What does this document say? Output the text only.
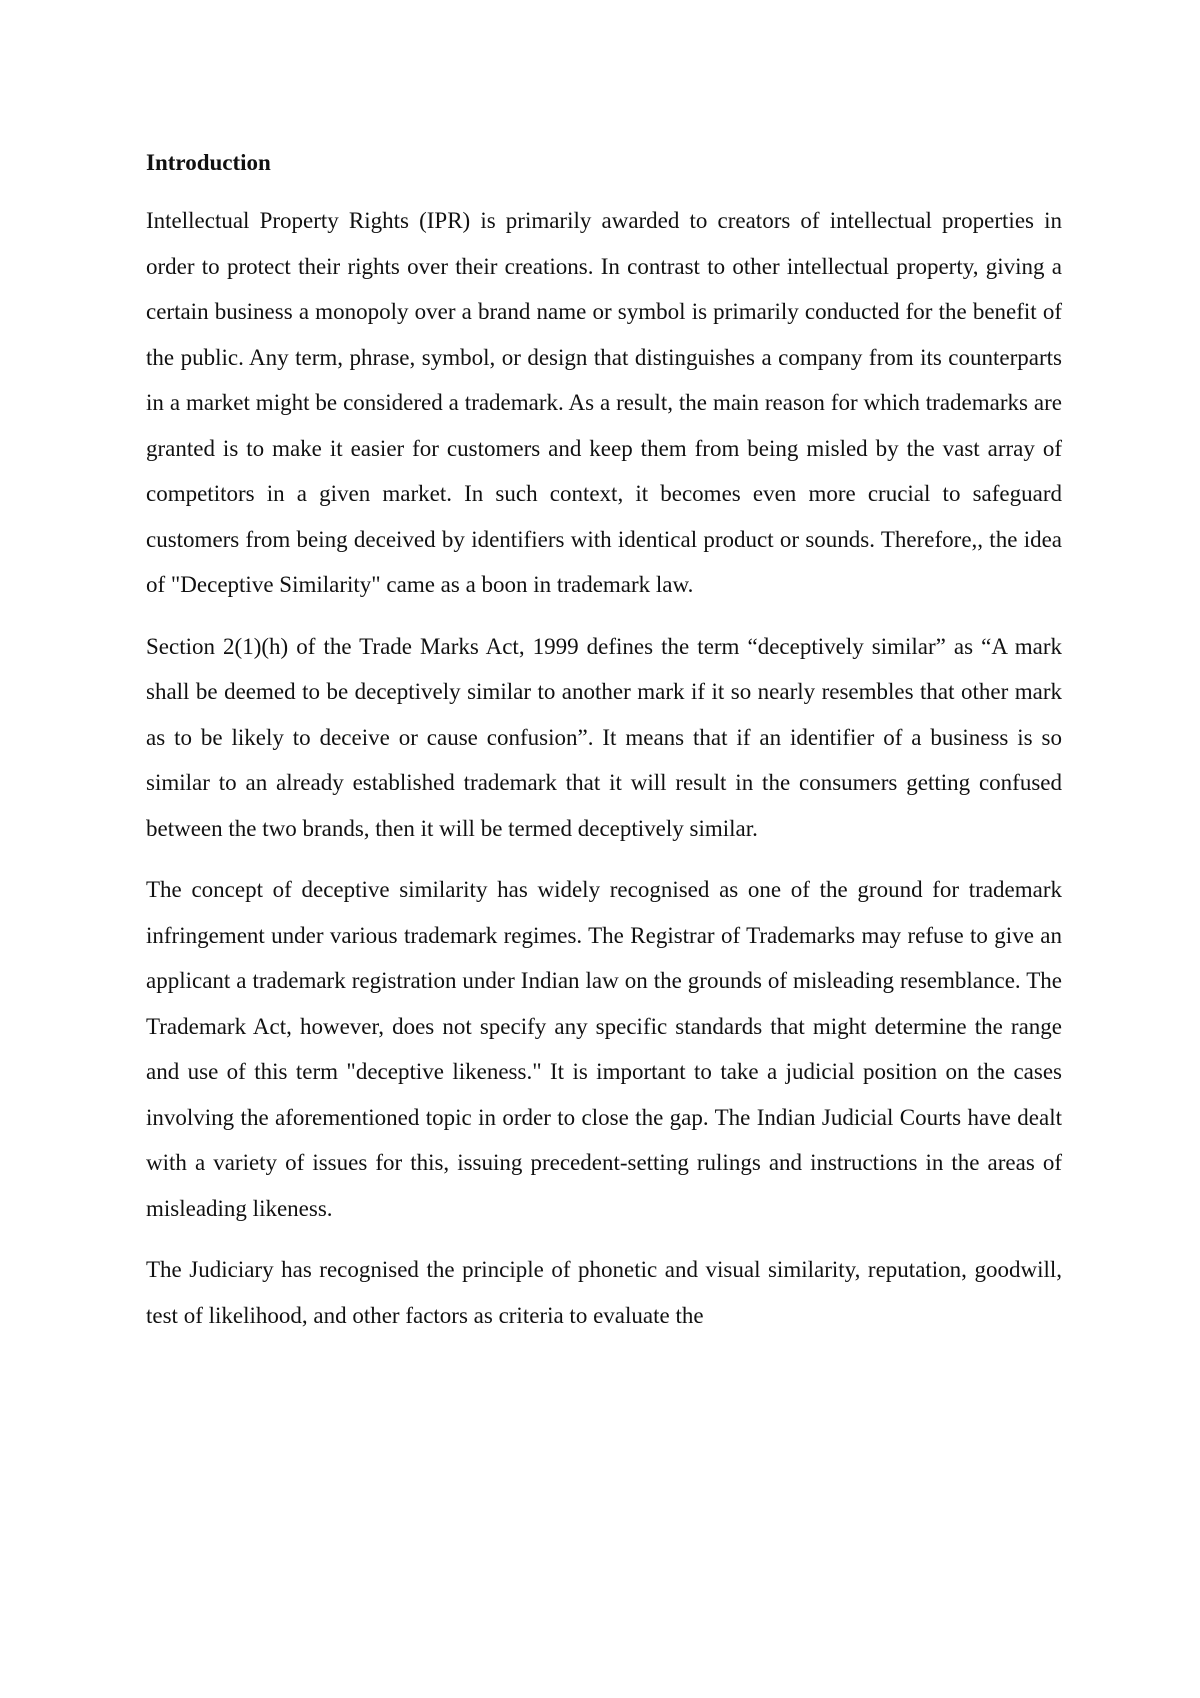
Introduction

Intellectual Property Rights (IPR) is primarily awarded to creators of intellectual properties in order to protect their rights over their creations. In contrast to other intellectual property, giving a certain business a monopoly over a brand name or symbol is primarily conducted for the benefit of the public. Any term, phrase, symbol, or design that distinguishes a company from its counterparts in a market might be considered a trademark. As a result, the main reason for which trademarks are granted is to make it easier for customers and keep them from being misled by the vast array of competitors in a given market. In such context, it becomes even more crucial to safeguard customers from being deceived by identifiers with identical product or sounds. Therefore,, the idea of "Deceptive Similarity" came as a boon in trademark law.

Section 2(1)(h) of the Trade Marks Act, 1999 defines the term “deceptively similar” as “A mark shall be deemed to be deceptively similar to another mark if it so nearly resembles that other mark as to be likely to deceive or cause confusion”. It means that if an identifier of a business is so similar to an already established trademark that it will result in the consumers getting confused between the two brands, then it will be termed deceptively similar.

The concept of deceptive similarity has widely recognised as one of the ground for trademark infringement under various trademark regimes. The Registrar of Trademarks may refuse to give an applicant a trademark registration under Indian law on the grounds of misleading resemblance. The Trademark Act, however, does not specify any specific standards that might determine the range and use of this term "deceptive likeness." It is important to take a judicial position on the cases involving the aforementioned topic in order to close the gap. The Indian Judicial Courts have dealt with a variety of issues for this, issuing precedent-setting rulings and instructions in the areas of misleading likeness.

The Judiciary has recognised the principle of phonetic and visual similarity, reputation, goodwill, test of likelihood, and other factors as criteria to evaluate the
